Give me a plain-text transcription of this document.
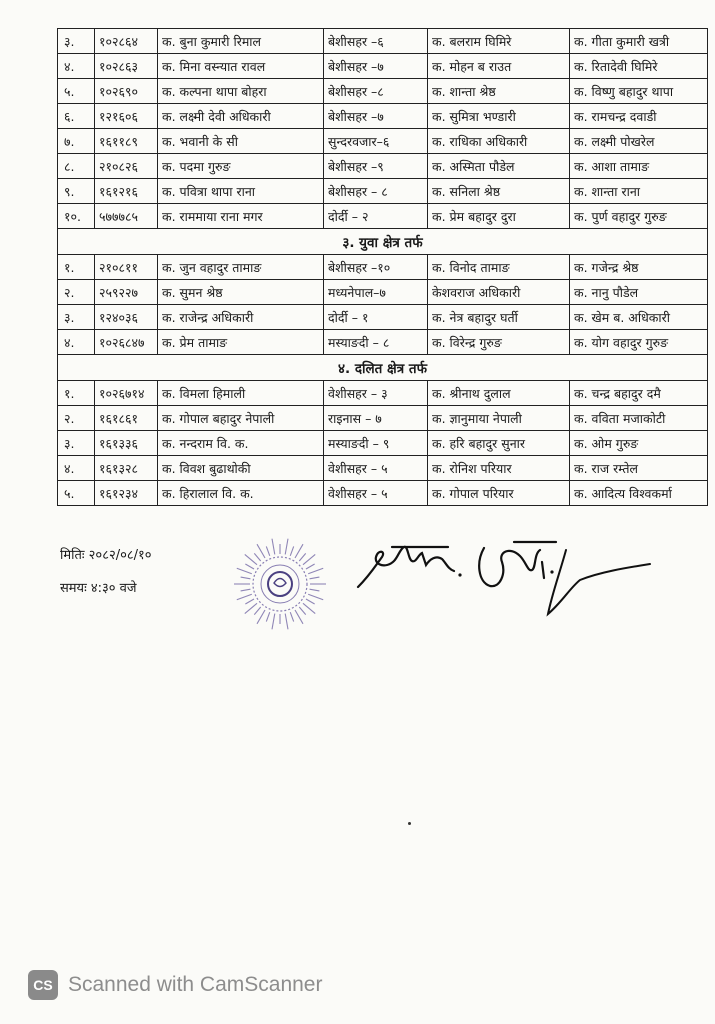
३.	१०२८६४	क. बुना कुमारी रिमाल	बेशीसहर –६	क. बलराम घिमिरे	क. गीता कुमारी खत्री
४.	१०२८६३	क. मिना वस्न्यात रावल	बेशीसहर –७	क. मोहन ब राउत	क. रितादेवी घिमिरे
५.	१०२६९०	क. कल्पना थापा बोहरा	बेशीसहर –८	क. शान्ता श्रेष्ठ	क. विष्णु बहादुर थापा
६.	१२१६०६	क. लक्ष्मी देवी अधिकारी	बेशीसहर –७	क. सुमित्रा भण्डारी	क. रामचन्द्र दवाडी
७.	१६११८९	क. भवानी के सी	सुन्दरवजार–६	क. राधिका अधिकारी	क. लक्ष्मी पोखरेल
८.	२१०८२६	क. पदमा गुरुङ	बेशीसहर –९	क. अस्मिता पौडेल	क. आशा तामाङ
९.	१६१२१६	क. पवित्रा थापा राना	बेशीसहर – ८	क. सनिला श्रेष्ठ	क. शान्ता राना
१०.	५७७७८५	क. राममाया राना मगर	दोर्दी – २	क. प्रेम बहादुर दुरा	क. पुर्ण वहादुर गुरुङ
३. युवा क्षेत्र तर्फ					
१.	२१०८११	क. जुन वहादुर तामाङ	बेशीसहर –१०	क. विनोद तामाङ	क. गजेन्द्र श्रेष्ठ
२.	२५९२२७	क. सुमन श्रेष्ठ	मध्यनेपाल–७	केशवराज अधिकारी	क. नानु पौडेल
३.	१२४०३६	क. राजेन्द्र अधिकारी	दोर्दी – १	क. नेत्र बहादुर घर्ती	क. खेम ब. अधिकारी
४.	१०२६८४७	क. प्रेम तामाङ	मस्याङदी – ८	क. विरेन्द्र गुरुङ	क. योग वहादुर गुरुङ
४. दलित क्षेत्र तर्फ					
१.	१०२६७१४	क. विमला हिमाली	वेशीसहर – ३	क. श्रीनाथ दुलाल	क. चन्द्र बहादुर दमै
२.	१६१८६१	क. गोपाल बहादुर नेपाली	राइनास – ७	क. ज्ञानुमाया नेपाली	क. वविता मजाकोटी
३.	१६१३३६	क. नन्दराम वि. क.	मस्याङदी – ९	क. हरि बहादुर सुनार	क. ओम गुरुङ
४.	१६१३२८	क. विवश बुढाथोकी	वेशीसहर – ५	क. रोनिश परियार	क. राज रम्तेल
५.	१६१२३४	क. हिरालाल वि. क.	वेशीसहर – ५	क. गोपाल परियार	क. आदित्य विश्वकर्मा
मितिः २०८२/०८/१०
समयः ४:३० वजे
CS Scanned with CamScanner
